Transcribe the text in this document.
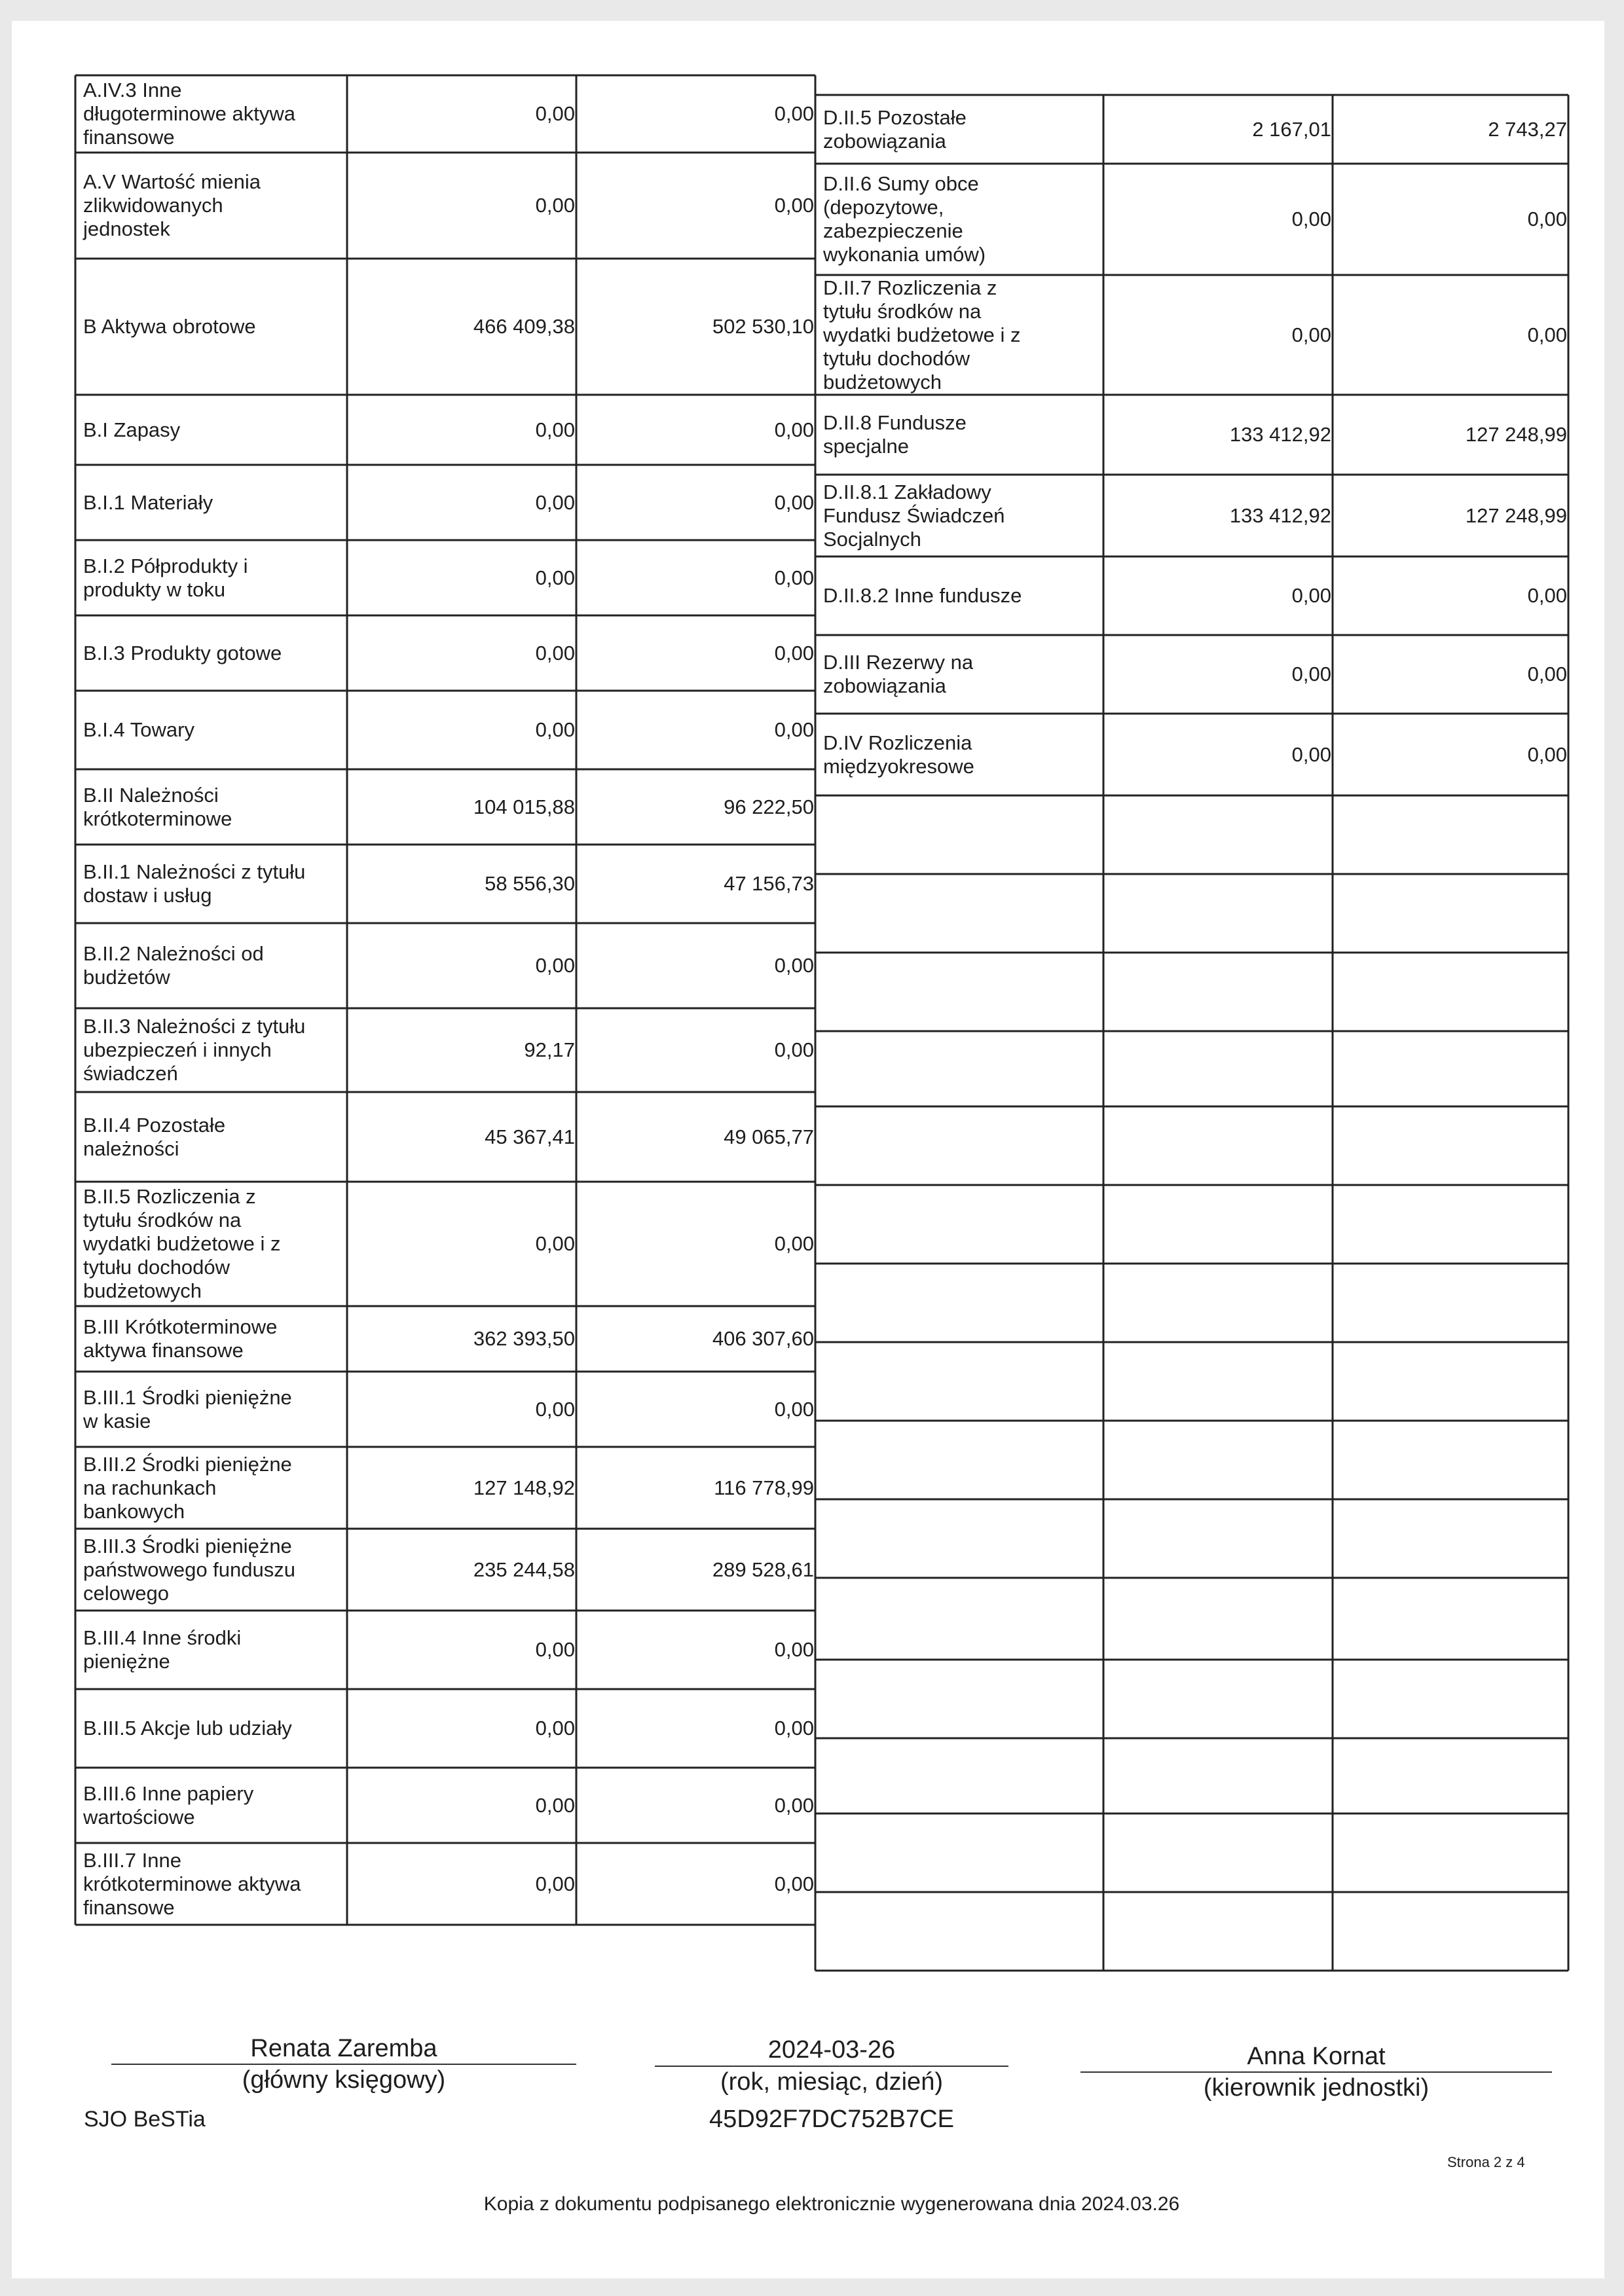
A.IV.3 Inne
długoterminowe aktywa
finansowe
0,00	0,00
A.V Wartość mienia
zlikwidowanych
jednostek
0,00	0,00
B Aktywa obrotowe	466 409,38	502 530,10
B.I Zapasy	0,00	0,00
B.I.1 Materiały	0,00	0,00
B.I.2 Półprodukty i
produkty w toku
0,00	0,00
B.I.3 Produkty gotowe	0,00	0,00
B.I.4 Towary	0,00	0,00
B.II Należności
krótkoterminowe
104 015,88	96 222,50
B.II.1 Należności z tytułu
dostaw i usług
58 556,30	47 156,73
B.II.2 Należności od
budżetów
0,00	0,00
B.II.3 Należności z tytułu
ubezpieczeń i innych
świadczeń
92,17	0,00
B.II.4 Pozostałe
należności
45 367,41	49 065,77
B.II.5 Rozliczenia z
tytułu środków na
wydatki budżetowe i z
tytułu dochodów
budżetowych
0,00	0,00
B.III Krótkoterminowe
aktywa finansowe
362 393,50	406 307,60
B.III.1 Środki pieniężne
w kasie
0,00	0,00
B.III.2 Środki pieniężne
na rachunkach
bankowych
127 148,92	116 778,99
B.III.3 Środki pieniężne
państwowego funduszu
celowego
235 244,58	289 528,61
B.III.4 Inne środki
pieniężne
0,00	0,00
B.III.5 Akcje lub udziały	0,00	0,00
B.III.6 Inne papiery
wartościowe
0,00	0,00
B.III.7 Inne
krótkoterminowe aktywa
finansowe
0,00	0,00
D.II.5 Pozostałe
zobowiązania
2 167,01	2 743,27
D.II.6 Sumy obce
(depozytowe,
zabezpieczenie
wykonania umów)
0,00	0,00
D.II.7 Rozliczenia z
tytułu środków na
wydatki budżetowe i z
tytułu dochodów
budżetowych
0,00	0,00
D.II.8 Fundusze
specjalne
133 412,92	127 248,99
D.II.8.1 Zakładowy
Fundusz Świadczeń
Socjalnych
133 412,92	127 248,99
D.II.8.2 Inne fundusze	0,00	0,00
D.III Rezerwy na
zobowiązania
0,00	0,00
D.IV Rozliczenia
międzyokresowe
0,00	0,00
Renata Zaremba
(główny księgowy)
2024-03-26
(rok, miesiąc, dzień)
Anna Kornat
(kierownik jednostki)
SJO BeSTia	45D92F7DC752B7CE
Strona 2 z 4
Kopia z dokumentu podpisanego elektronicznie wygenerowana dnia 2024.03.26
